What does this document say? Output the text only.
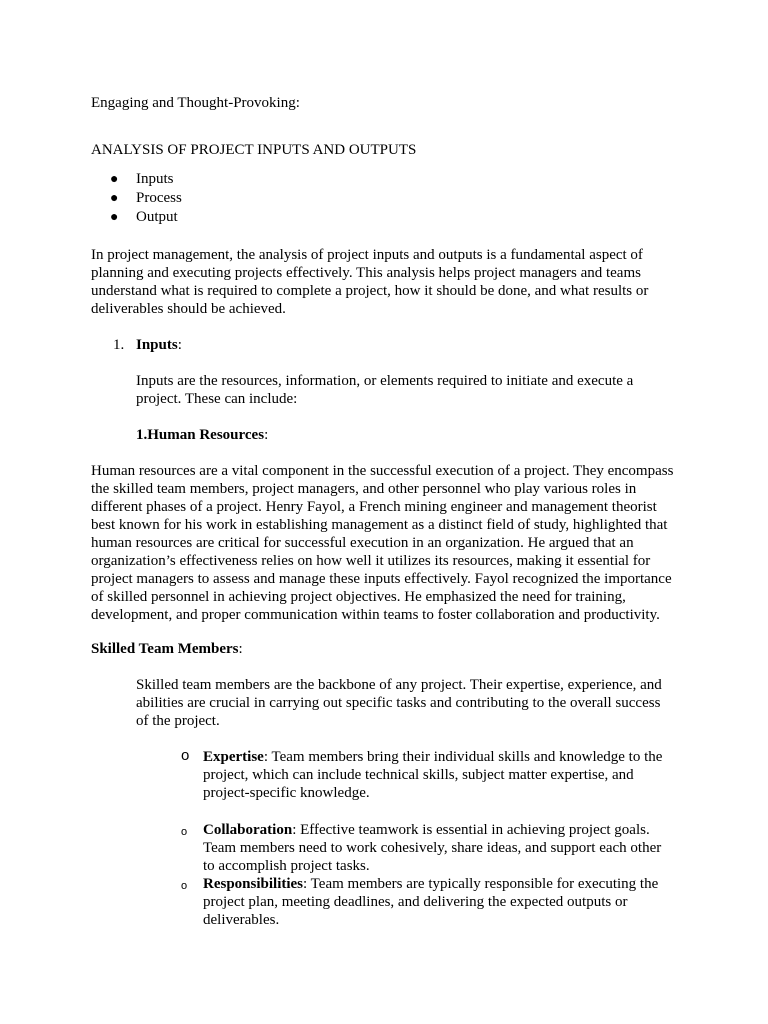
Engaging and Thought-Provoking:
ANALYSIS OF PROJECT INPUTS AND OUTPUTS
● Inputs
● Process
● Output
In project management, the analysis of project inputs and outputs is a fundamental aspect of planning and executing projects effectively. This analysis helps project managers and teams understand what is required to complete a project, how it should be done, and what results or deliverables should be achieved.
1. Inputs:
Inputs are the resources, information, or elements required to initiate and execute a project. These can include:
1.Human Resources:
Human resources are a vital component in the successful execution of a project. They encompass the skilled team members, project managers, and other personnel who play various roles in different phases of a project. Henry Fayol, a French mining engineer and management theorist best known for his work in establishing management as a distinct field of study, highlighted that human resources are critical for successful execution in an organization. He argued that an organization’s effectiveness relies on how well it utilizes its resources, making it essential for project managers to assess and manage these inputs effectively. Fayol recognized the importance of skilled personnel in achieving project objectives. He emphasized the need for training, development, and proper communication within teams to foster collaboration and productivity.
Skilled Team Members:
Skilled team members are the backbone of any project. Their expertise, experience, and abilities are crucial in carrying out specific tasks and contributing to the overall success of the project.
o Expertise: Team members bring their individual skills and knowledge to the project, which can include technical skills, subject matter expertise, and project-specific knowledge.
o Collaboration: Effective teamwork is essential in achieving project goals. Team members need to work cohesively, share ideas, and support each other to accomplish project tasks.
o Responsibilities: Team members are typically responsible for executing the project plan, meeting deadlines, and delivering the expected outputs or deliverables.
